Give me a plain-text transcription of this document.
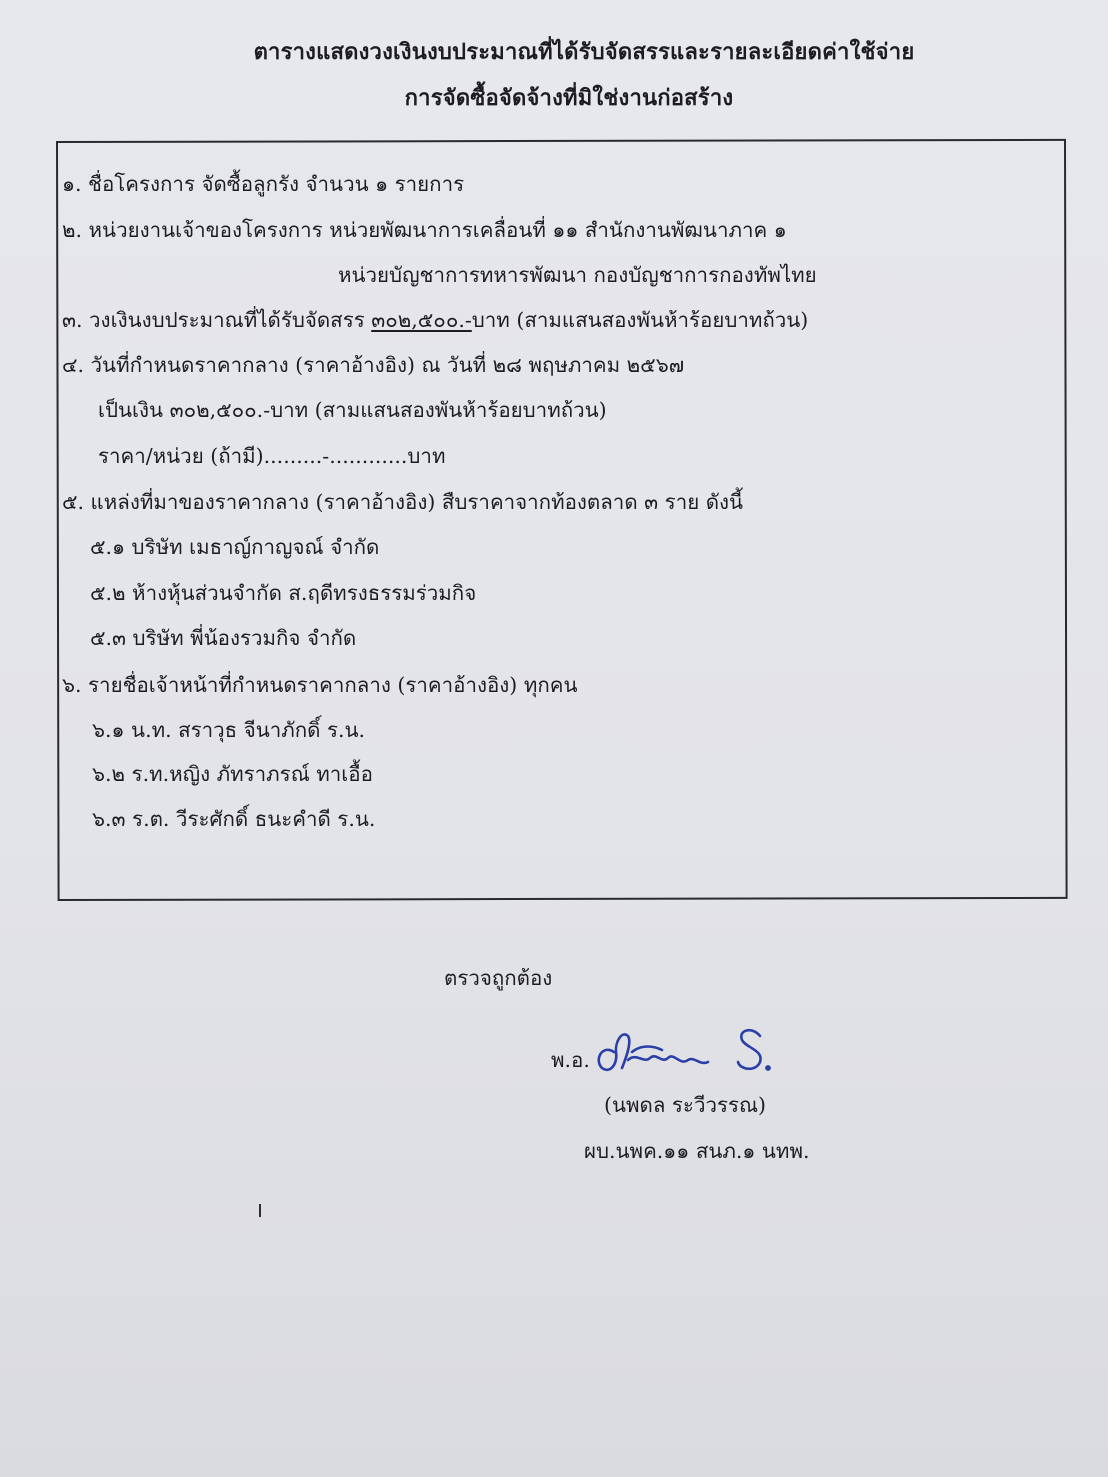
ตารางแสดงวงเงินงบประมาณที่ได้รับจัดสรรและรายละเอียดค่าใช้จ่าย
การจัดซื้อจัดจ้างที่มิใช่งานก่อสร้าง
๑. ชื่อโครงการ จัดซื้อลูกรัง จำนวน ๑ รายการ
๒. หน่วยงานเจ้าของโครงการ หน่วยพัฒนาการเคลื่อนที่ ๑๑ สำนักงานพัฒนาภาค ๑
หน่วยบัญชาการทหารพัฒนา กองบัญชาการกองทัพไทย
๓. วงเงินงบประมาณที่ได้รับจัดสรร ๓๐๒,๕๐๐.-บาท (สามแสนสองพันห้าร้อยบาทถ้วน)
๔. วันที่กำหนดราคากลาง (ราคาอ้างอิง) ณ วันที่ ๒๘ พฤษภาคม ๒๕๖๗
เป็นเงิน ๓๐๒,๕๐๐.-บาท (สามแสนสองพันห้าร้อยบาทถ้วน)
ราคา/หน่วย (ถ้ามี).........-............บาท
๕. แหล่งที่มาของราคากลาง (ราคาอ้างอิง) สืบราคาจากท้องตลาด ๓ ราย ดังนี้
๕.๑ บริษัท เมธาญ์กาญจณ์ จำกัด
๕.๒ ห้างหุ้นส่วนจำกัด ส.ฤดีทรงธรรมร่วมกิจ
๕.๓ บริษัท พี่น้องรวมกิจ จำกัด
๖. รายชื่อเจ้าหน้าที่กำหนดราคากลาง (ราคาอ้างอิง) ทุกคน
๖.๑ น.ท. สราวุธ จีนาภักดิ์ ร.น.
๖.๒ ร.ท.หญิง ภัทราภรณ์ ทาเอื้อ
๖.๓ ร.ต. วีระศักดิ์ ธนะคำดี ร.น.
ตรวจถูกต้อง
พ.อ.
(นพดล ระวีวรรณ)
ผบ.นพค.๑๑ สนภ.๑ นทพ.
